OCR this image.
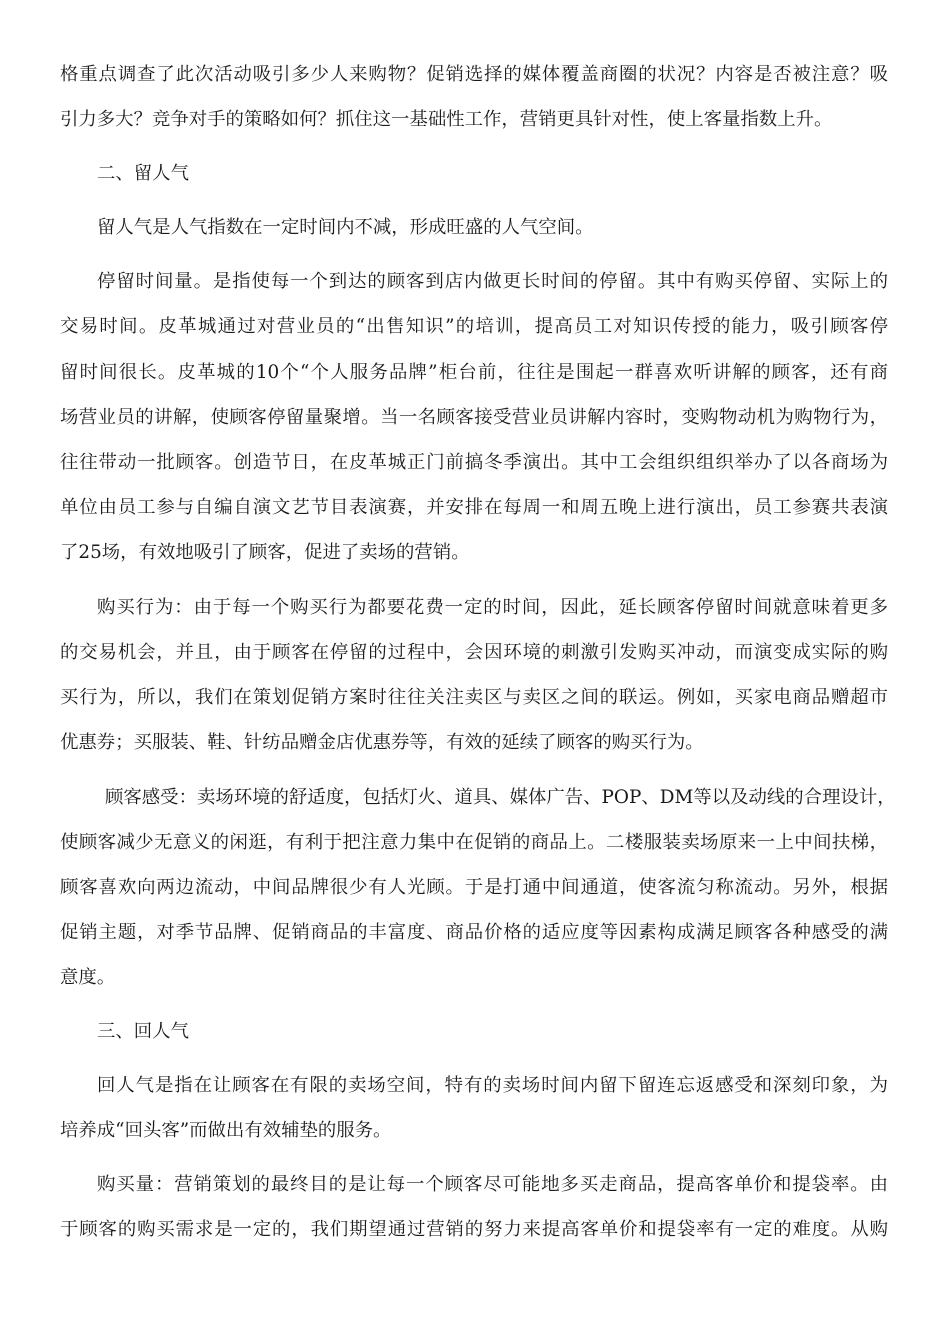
格重点调查了此次活动吸引多少人来购物？促销选择的媒体覆盖商圈的状况？内容是否被注意？吸
引力多大？竞争对手的策略如何？抓住这一基础性工作，营销更具针对性，使上客量指数上升。
二、留人气
留人气是人气指数在一定时间内不减，形成旺盛的人气空间。
停留时间量。是指使每一个到达的顾客到店内做更长时间的停留。其中有购买停留、实际上的
交易时间。皮革城通过对营业员的“出售知识”的培训，提高员工对知识传授的能力，吸引顾客停
留时间很长。皮革城的10个“个人服务品牌”柜台前，往往是围起一群喜欢听讲解的顾客，还有商
场营业员的讲解，使顾客停留量聚增。当一名顾客接受营业员讲解内容时，变购物动机为购物行为，
往往带动一批顾客。创造节日，在皮革城正门前搞冬季演出。其中工会组织组织举办了以各商场为
单位由员工参与自编自演文艺节目表演赛，并安排在每周一和周五晚上进行演出，员工参赛共表演
了25场，有效地吸引了顾客，促进了卖场的营销。
购买行为：由于每一个购买行为都要花费一定的时间，因此，延长顾客停留时间就意味着更多
的交易机会，并且，由于顾客在停留的过程中，会因环境的刺激引发购买冲动，而演变成实际的购
买行为，所以，我们在策划促销方案时往往关注卖区与卖区之间的联运。例如，买家电商品赠超市
优惠券；买服装、鞋、针纺品赠金店优惠券等，有效的延续了顾客的购买行为。
顾客感受：卖场环境的舒适度，包括灯火、道具、媒体广告、POP、DM等以及动线的合理设计，
使顾客减少无意义的闲逛，有利于把注意力集中在促销的商品上。二楼服装卖场原来一上中间扶梯，
顾客喜欢向两边流动，中间品牌很少有人光顾。于是打通中间通道，使客流匀称流动。另外，根据
促销主题，对季节品牌、促销商品的丰富度、商品价格的适应度等因素构成满足顾客各种感受的满
意度。
三、回人气
回人气是指在让顾客在有限的卖场空间，特有的卖场时间内留下留连忘返感受和深刻印象，为
培养成“回头客”而做出有效辅垫的服务。
购买量：营销策划的最终目的是让每一个顾客尽可能地多买走商品，提高客单价和提袋率。由
于顾客的购买需求是一定的，我们期望通过营销的努力来提高客单价和提袋率有一定的难度。从购
